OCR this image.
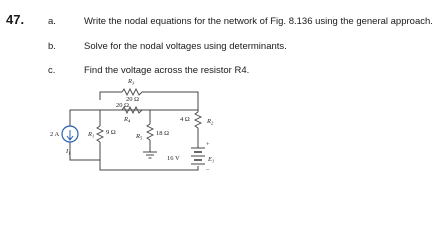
47.	a.	Write the nodal equations for the network of Fig. 8.136 using the general approach.
b.	Solve for the nodal voltages using determinants.
c.	Find the voltage across the resistor R4.
$R_3$
20 Ω
20 Ω
$R_4$
2 A
$I_1$
$R_1$ 9 Ω
$R_5$
18 Ω
4 Ω	$R_2$
+
–
16 V	$E_1$
